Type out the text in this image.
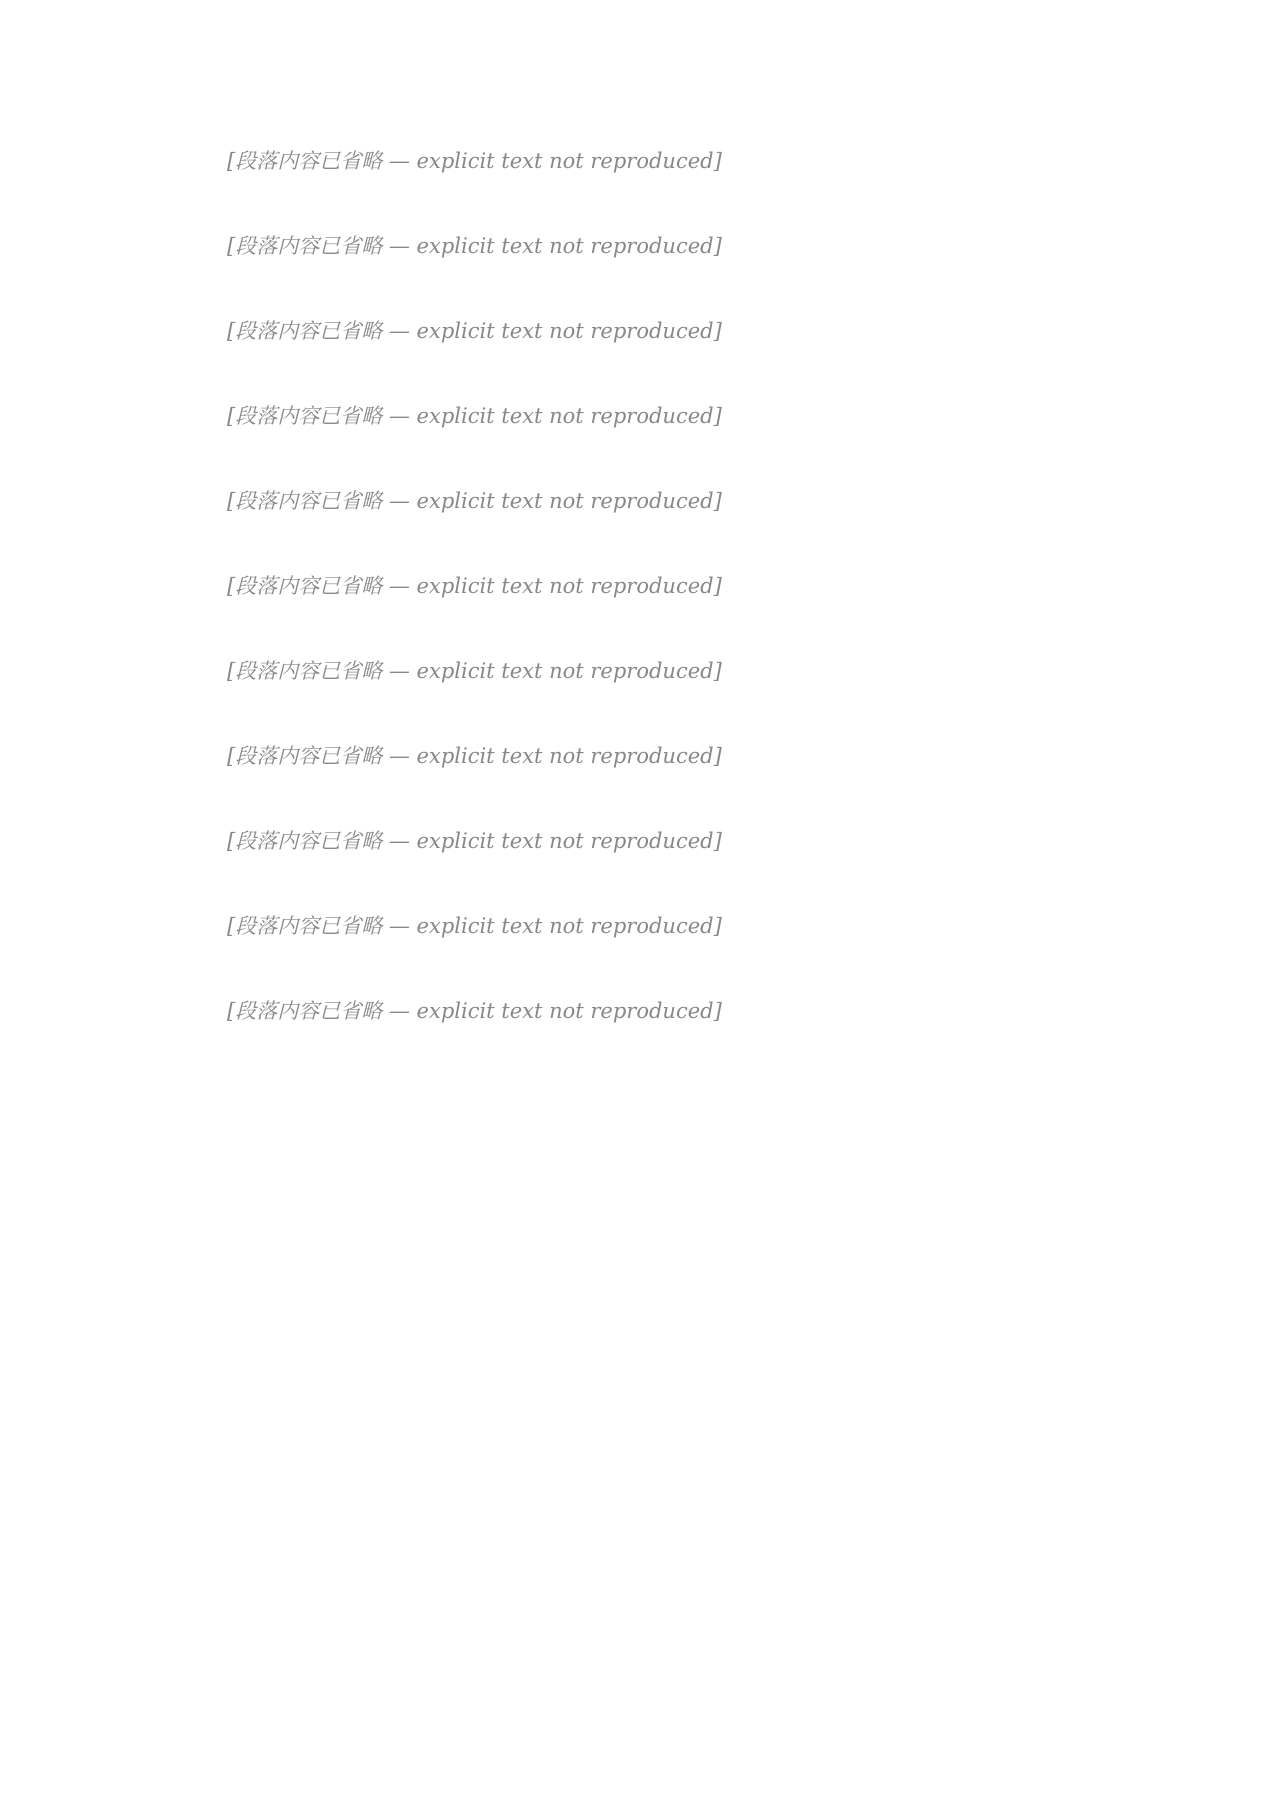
[段落内容已省略 — explicit text not reproduced]

[段落内容已省略 — explicit text not reproduced]

[段落内容已省略 — explicit text not reproduced]

[段落内容已省略 — explicit text not reproduced]

[段落内容已省略 — explicit text not reproduced]

[段落内容已省略 — explicit text not reproduced]

[段落内容已省略 — explicit text not reproduced]

[段落内容已省略 — explicit text not reproduced]

[段落内容已省略 — explicit text not reproduced]

[段落内容已省略 — explicit text not reproduced]

[段落内容已省略 — explicit text not reproduced]
